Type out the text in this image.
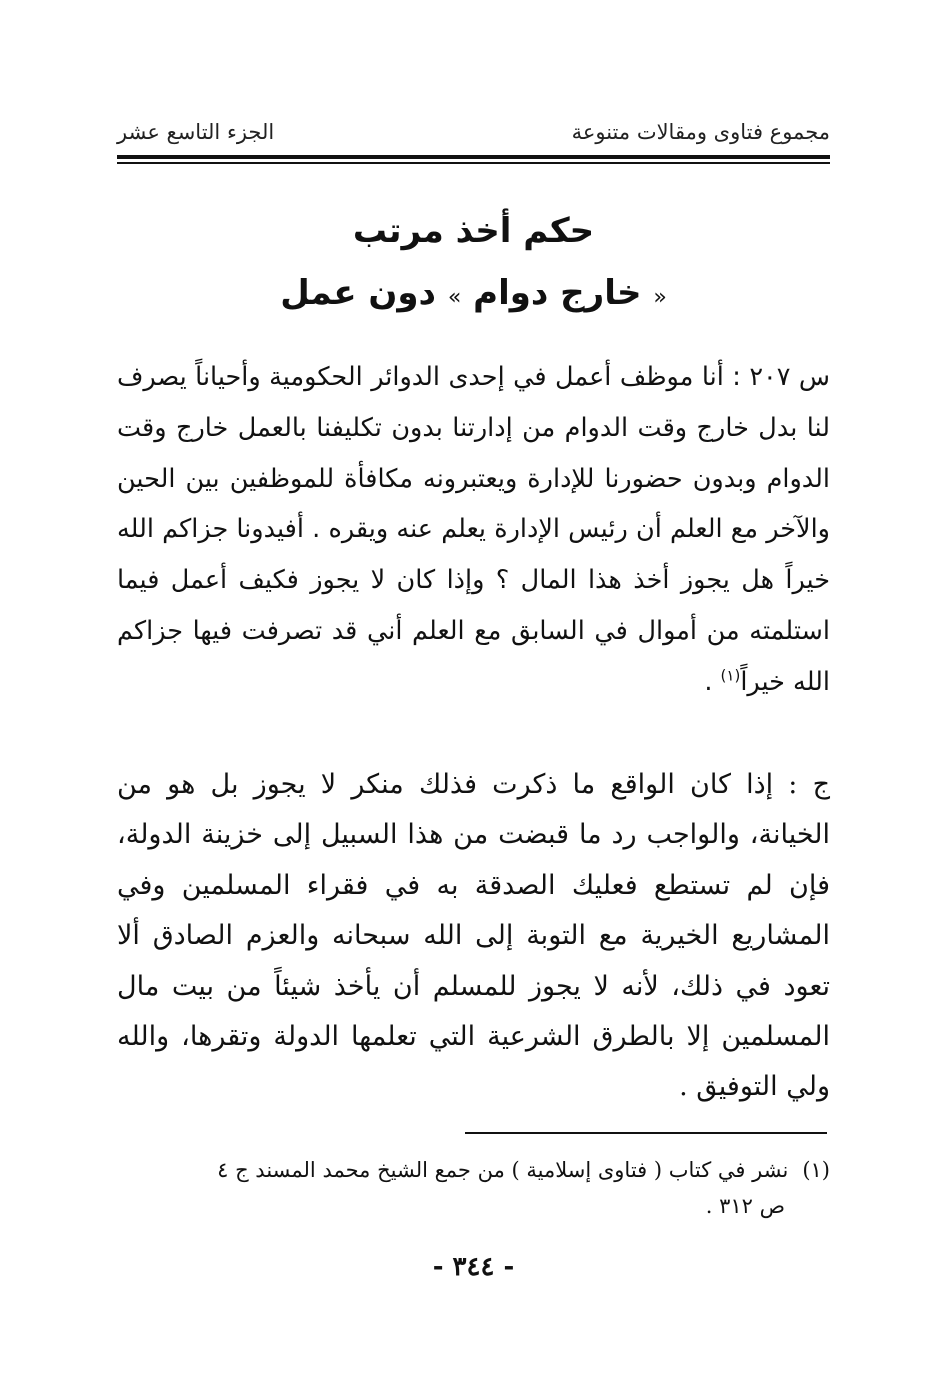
مجموع فتاوى ومقالات متنوعة
الجزء التاسع عشر
حكم أخذ مرتب
« خارج دوام » دون عمل
س ٢٠٧ : أنا موظف أعمل في إحدى الدوائر الحكومية وأحياناً يصرف لنا بدل خارج وقت الدوام من إدارتنا بدون تكليفنا بالعمل خارج وقت الدوام وبدون حضورنا للإدارة ويعتبرونه مكافأة للموظفين بين الحين والآخر مع العلم أن رئيس الإدارة يعلم عنه ويقره . أفيدونا جزاكم الله خيراً هل يجوز أخذ هذا المال ؟ وإذا كان لا يجوز فكيف أعمل فيما استلمته من أموال في السابق مع العلم أني قد تصرفت فيها جزاكم الله خيراً$^{(١)}$ .
ج : إذا كان الواقع ما ذكرت فذلك منكر لا يجوز بل هو من الخيانة، والواجب رد ما قبضت من هذا السبيل إلى خزينة الدولة، فإن لم تستطع فعليك الصدقة به في فقراء المسلمين وفي المشاريع الخيرية مع التوبة إلى الله سبحانه والعزم الصادق ألا تعود في ذلك، لأنه لا يجوز للمسلم أن يأخذ شيئاً من بيت مال المسلمين إلا بالطرق الشرعية التي تعلمها الدولة وتقرها، والله ولي التوفيق .
(١)نشر في كتاب ( فتاوى إسلامية ) من جمع الشيخ محمد المسند ج ٤
ص ٣١٢ .
- ٣٤٤ -
